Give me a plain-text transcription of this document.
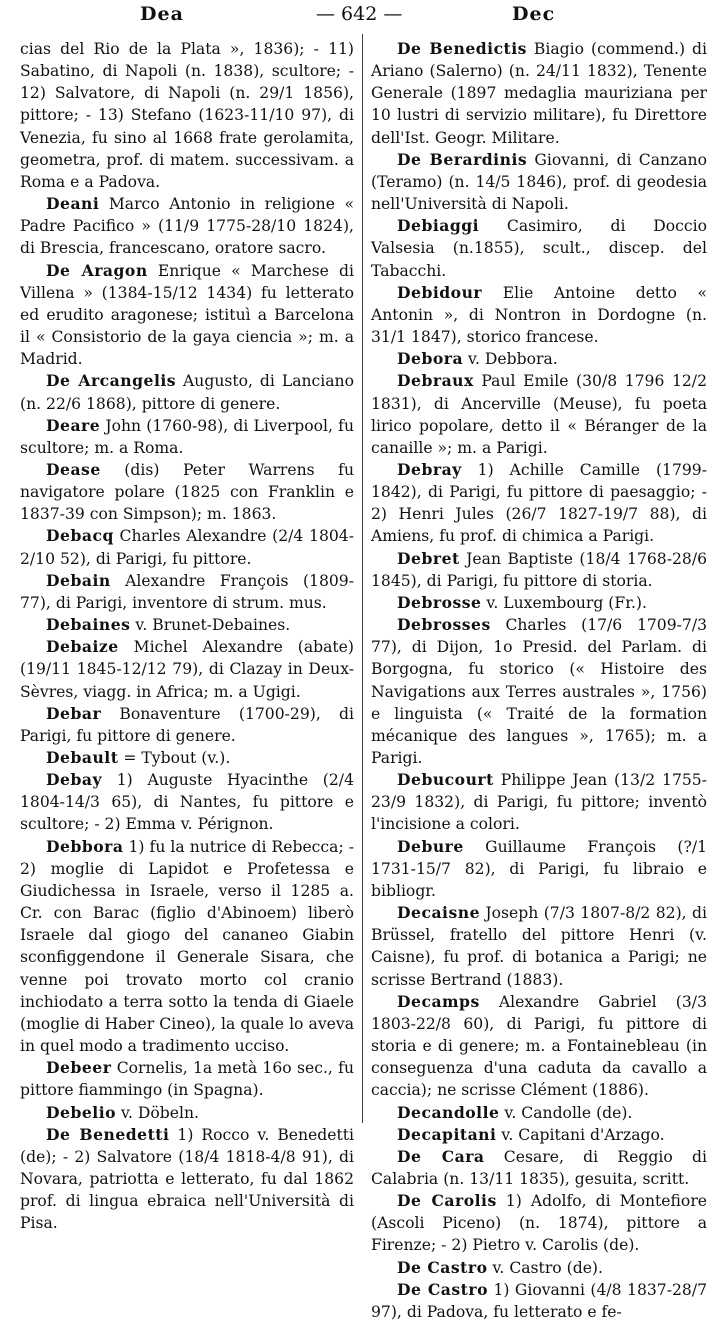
Dea	— 642 —	Dec

cias del Rio de la Plata », 1836); - 11) Sabatino, di Napoli (n. 1838), scultore; - 12) Salvatore, di Napoli (n. 29/1 1856), pittore; - 13) Stefano (1623-11/10 97), di Venezia, fu sino al 1668 frate gerolamita, geometra, prof. di matem. successivam. a Roma e a Padova.

Deani Marco Antonio in religione « Padre Pacifico » (11/9 1775-28/10 1824), di Brescia, francescano, oratore sacro.

De Aragon Enrique « Marchese di Villena » (1384-15/12 1434) fu letterato ed erudito aragonese; istituì a Barcelona il « Consistorio de la gaya ciencia »; m. a Madrid.

De Arcangelis Augusto, di Lanciano (n. 22/6 1868), pittore di genere.

Deare John (1760-98), di Liverpool, fu scultore; m. a Roma.

Dease (dis) Peter Warrens fu navigatore polare (1825 con Franklin e 1837-39 con Simpson); m. 1863.

Debacq Charles Alexandre (2/4 1804-2/10 52), di Parigi, fu pittore.

Debain Alexandre François (1809-77), di Parigi, inventore di strum. mus.

Debaines v. Brunet-Debaines.

Debaize Michel Alexandre (abate) (19/11 1845-12/12 79), di Clazay in Deux-Sèvres, viagg. in Africa; m. a Ugigi.

Debar Bonaventure (1700-29), di Parigi, fu pittore di genere.

Debault = Tybout (v.).

Debay 1) Auguste Hyacinthe (2/4 1804-14/3 65), di Nantes, fu pittore e scultore; - 2) Emma v. Pérignon.

Debbora 1) fu la nutrice di Rebecca; - 2) moglie di Lapidot e Profetessa e Giudichessa in Israele, verso il 1285 a. Cr. con Barac (figlio d'Abinoem) liberò Israele dal giogo del cananeo Giabin sconfiggendone il Generale Sisara, che venne poi trovato morto col cranio inchiodato a terra sotto la tenda di Giaele (moglie di Haber Cineo), la quale lo aveva in quel modo a tradimento ucciso.

Debeer Cornelis, 1a metà 16o sec., fu pittore fiammingo (in Spagna).

Debelio v. Döbeln.

De Benedetti 1) Rocco v. Benedetti (de); - 2) Salvatore (18/4 1818-4/8 91), di Novara, patriotta e letterato, fu dal 1862 prof. di lingua ebraica nell'Università di Pisa.

De Benedictis Biagio (commend.) di Ariano (Salerno) (n. 24/11 1832), Tenente Generale (1897 medaglia mauriziana per 10 lustri di servizio militare), fu Direttore dell'Ist. Geogr. Militare.

De Berardinis Giovanni, di Canzano (Teramo) (n. 14/5 1846), prof. di geodesia nell'Università di Napoli.

Debiaggi Casimiro, di Doccio Valsesia (n.1855), scult., discep. del Tabacchi.

Debidour Elie Antoine detto « Antonin », di Nontron in Dordogne (n. 31/1 1847), storico francese.

Debora v. Debbora.

Debraux Paul Emile (30/8 1796 12/2 1831), di Ancerville (Meuse), fu poeta lirico popolare, detto il « Béranger de la canaille »; m. a Parigi.

Debray 1) Achille Camille (1799-1842), di Parigi, fu pittore di paesaggio; - 2) Henri Jules (26/7 1827-19/7 88), di Amiens, fu prof. di chimica a Parigi.

Debret Jean Baptiste (18/4 1768-28/6 1845), di Parigi, fu pittore di storia.

Debrosse v. Luxembourg (Fr.).

Debrosses Charles (17/6 1709-7/3 77), di Dijon, 1o Presid. del Parlam. di Borgogna, fu storico (« Histoire des Navigations aux Terres australes », 1756) e linguista (« Traité de la formation mécanique des langues », 1765); m. a Parigi.

Debucourt Philippe Jean (13/2 1755-23/9 1832), di Parigi, fu pittore; inventò l'incisione a colori.

Debure Guillaume François (?/1 1731-15/7 82), di Parigi, fu libraio e bibliogr.

Decaisne Joseph (7/3 1807-8/2 82), di Brüssel, fratello del pittore Henri (v. Caisne), fu prof. di botanica a Parigi; ne scrisse Bertrand (1883).

Decamps Alexandre Gabriel (3/3 1803-22/8 60), di Parigi, fu pittore di storia e di genere; m. a Fontainebleau (in conseguenza d'una caduta da cavallo a caccia); ne scrisse Clément (1886).

Decandolle v. Candolle (de).

Decapitani v. Capitani d'Arzago.

De Cara Cesare, di Reggio di Calabria (n. 13/11 1835), gesuita, scritt.

De Carolis 1) Adolfo, di Montefiore (Ascoli Piceno) (n. 1874), pittore a Firenze; - 2) Pietro v. Carolis (de).

De Castro v. Castro (de).

De Castro 1) Giovanni (4/8 1837-28/7 97), di Padova, fu letterato e fe-
